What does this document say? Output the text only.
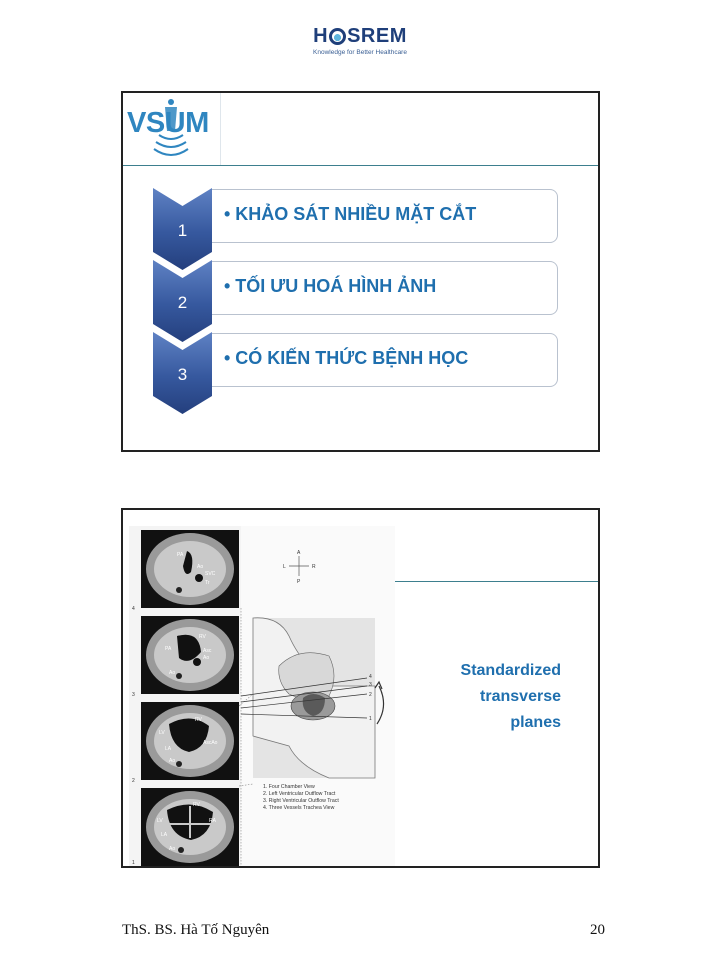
H SREM
Knowledge for Better Healthcare
VSUM
1
• KHẢO SÁT NHIỀU MẶT CẮT
2
• TỐI ƯU HOÁ HÌNH ẢNH
3
• CÓ KIẾN THỨC BỆNH HỌC
PA
Ao
SVC
Tr
RV
PA	Asc
Ao
Ao
RV
LV
AscAo
LA
Ao
RV
LV	RA
LA
Ao
4
3
2
1
A
L	R
P
4
3
2
1
1. Four Chamber View
2. Left Ventricular Outflow Tract
3. Right Ventricular Outflow Tract
4. Three Vessels Trachea View
Standardized
transverse
planes
ThS. BS. Hà Tố Nguyên	20
